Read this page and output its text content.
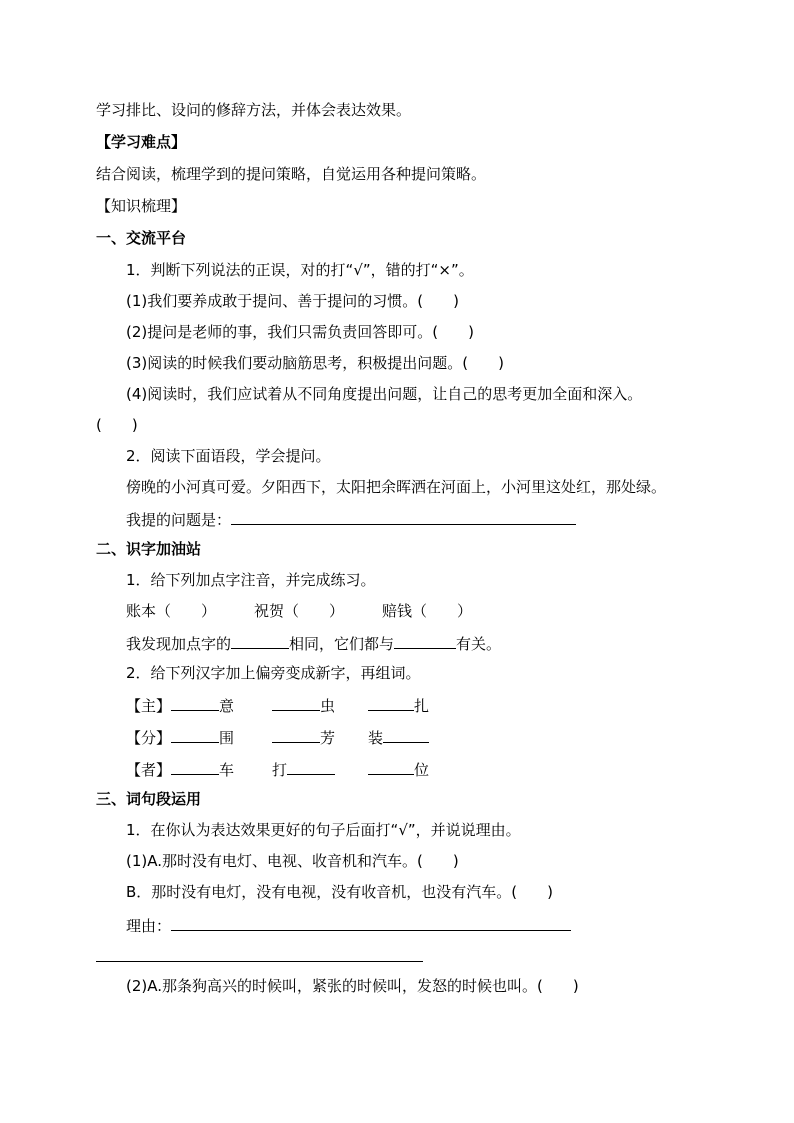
学习排比、设问的修辞方法，并体会表达效果。
【学习难点】
结合阅读，梳理学到的提问策略，自觉运用各种提问策略。
【知识梳理】
一、交流平台
1．判断下列说法的正误，对的打“√”，错的打“×”。
(1)我们要养成敢于提问、善于提问的习惯。(　　)
(2)提问是老师的事，我们只需负责回答即可。(　　)
(3)阅读的时候我们要动脑筋思考，积极提出问题。(　　)
(4)阅读时，我们应试着从不同角度提出问题，让自己的思考更加全面和深入。
(　　)
2．阅读下面语段，学会提问。
傍晚的小河真可爱。夕阳西下，太阳把余晖洒在河面上，小河里这处红，那处绿。
我提的问题是：
二、识字加油站
1．给下列加点字注音，并完成练习。
账本（　　）	祝贺（　　）	赔钱（　　）
我发现加点字的	相同，它们都与	有关。
2．给下列汉字加上偏旁变成新字，再组词。
【主】	意	虫	扎
【分】	围	芳 装
【者】	车	打	位
三、词句段运用
1．在你认为表达效果更好的句子后面打“√”，并说说理由。
(1)A.那时没有电灯、电视、收音机和汽车。(　　)
B．那时没有电灯，没有电视，没有收音机，也没有汽车。(　　)
理由：
(2)A.那条狗高兴的时候叫，紧张的时候叫，发怒的时候也叫。(　　)
